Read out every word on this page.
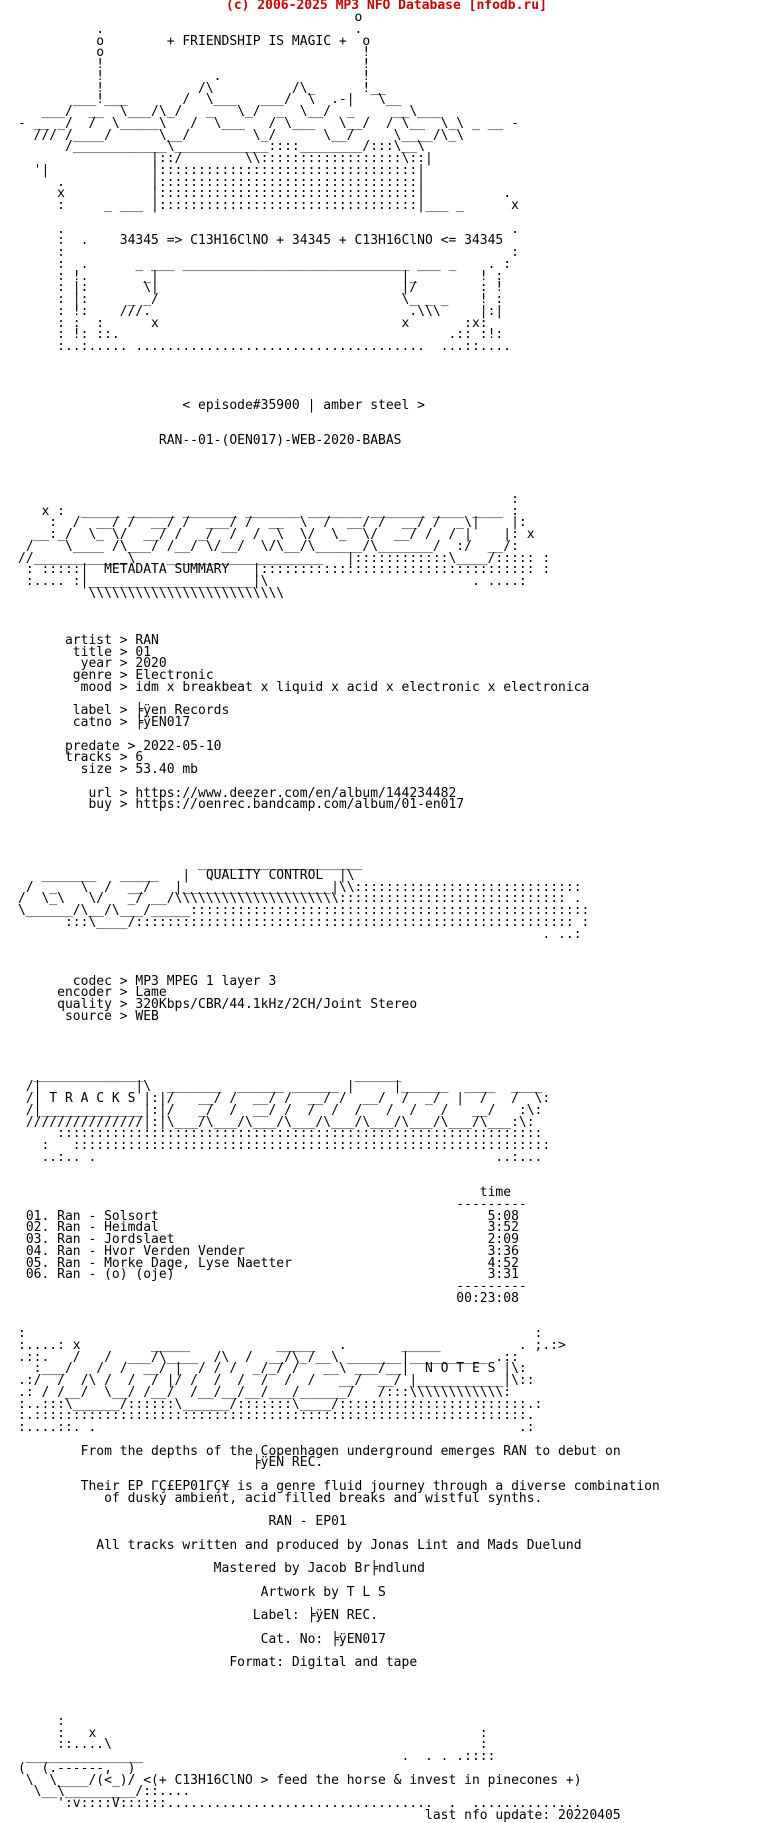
(c) 2006-2025 MP3 NFO Database [nfodb.ru]
o
.                                .
o        + FRIENDSHIP IS MAGIC +  o
o                                 !
!                                 !
!              .                  !
!            /\          /\_      !__
___!___       /  \___   ___/  \  .-|   \__
___/  __  \___/\_/   _   \_/  _  \__/  _     __\___
- __ _/  /  \_____\   /  \___   / \___   \__/  / \__  \_\ _ __ -
/// /____/      \__/        \_/      \__/     \____/\_\
/____________\____________::::________/:::\__\
|::/        \\::::::::::::::::::\::|
'|             |:::::::::::::::::::::::::::::::::|
.           |:::::::::::::::::::::::::::::::::|
x           |:::::::::::::::::::::::::::::::::|          .
:     _ ___ |:::::::::::::::::::::::::::::::::|___ _      x

.                                                         .
:  .    34345 => C13H16ClNO + 34345 + C13H16ClNO <= 34345
:                                                         :
:  .      _ ___ _____________________________ ___ _    . :
: !.       _|                               |_        ! :
: |:       \|                               |/        : !
: |:     _ _/                               \_ _ _    ! :
: !:    ///.                                 .\\\     |:|
: :  :      x                               x       :x:
: !: ::.                                          .:: :!:
:..:..... .....................................  ...::....
< episode#35900 | amber steel >
RAN--01-(OEN017)-WEB-2020-BABAS
:
x :  _____ ______ _______ _______ _______ _______ ____ ____ :
:  /  __/ /  __/ /  ___/ /  __  \  /  __/ /  __/ /  _\|    |:
__:_/  \_ \/  __/ /  _/  /  /  \  \/  \_  \/  __/ /  / |    |: x
/    \____ /\___/ /__/ \/__/  \/\__/\______/\_______/  :/  __/:
//____________\    ____________________   |::::::::::::\____/::::: :
: :::::|  METADATA SUMMARY   |::::::::::::::::::::::::::::::::::: :
:.... :|_____________________|\                          . ....:
\\\\\\\\\\\\\\\\\\\\\\\\\
artist > RAN
title > 01
year > 2020
genre > Electronic
mood > idm x breakbeat x liquid x acid x electronic x electronica
label > ╞ÿen Records
catno > ╞ÿEN017
predate > 2022-05-10
tracks > 6
size > 53.40 mb
url > https://www.deezer.com/en/album/144234482
buy > https://oenrec.bandcamp.com/album/01-en017
_____________________
_______   _____   |  QUALITY CONTROL  |\
/  _   \  /  __/   |___________________|\\:::::::::::::::::::::::::::::
/  \_\   \/   _/ __/\\\\\\\\\\\\\\\\\\\\\::::::::::::::::::::::::::::: .
\______/\__/\___/_____:::::::::::::::::::::::::::::::::::::::::::::::::::
:::\____/:::::::::::::::::::::::::::::::::::::::::::::::::::::::: :
. ..:
codec > MP3 MPEG 1 layer 3
encoder > Lame
quality > 320Kbps/CBR/44.1kHz/2CH/Joint Stereo
source > WEB
______________                           ______
/|            |\  _______  ______ ______ |     |______  ____  ____
/| T R A C K S |:|/   __/ /  __/ /  __/ /  __/  /  _/  |  /   /  \:
/|_____________|:|/   _/  /  __/ /  /  /  /   /  /   /   __/   :\:
///////////////|:|\___/\___/\___/\___/\___/\___/\___/\___/\___:\:
::::::::::::::::::::::::::::::::::::::::::::::::::::::::::::::
:   :::::::::::::::::::::::::::::::::::::::::::::::::::::::::::::
..:.. .                                                   ..:...
time
---------
01. Ran - Solsort                                          5:08
02. Ran - Heimdal                                          3:52
03. Ran - Jordslaet                                        2:09
04. Ran - Hvor Verden Vender                               3:36
05. Ran - Morke Dage, Lyse Naetter                         4:52
06. Ran - (o) (oje)                                        3:31
---------
00:23:08
:                                                                 :
:....: x         _____           _____   .       _____          . ;.:>
.::.   /   /  ___/\____  /\  /  __/\_/__\ _______|__________ .::
:___/   /  /  __/ |  / / /  _/_/ /   __\ ___/__|  N O T E S |\:
.:/  /  /\ /  /  / |/ /  /  /  /  /  /   __/  __/ |___________|\::
.: / /__/  \__/ /__/  /__/__/__/___/______/   /:::\\\\\\\\\\\\:
:..:::\______/::::::\______/:::::::\____/::::::::::::::::::::::::.:
:.:::::::::::::::::::::::::::::::::::::::::::::::::::::::::::::::.
:....::. .                                                      .:
From the depths of the Copenhagen underground emerges RAN to debut on
╞ÿEN REC.
Their EP ΓÇ£EP01ΓÇ¥ is a genre fluid journey through a diverse combination
of dusky ambient, acid filled breaks and wistful synths.
RAN - EP01
All tracks written and produced by Jonas Lint and Mads Duelund
Mastered by Jacob Br╞ndlund
Artwork by T L S
Label: ╞ÿEN REC.
Cat. No: ╞ÿEN017
Format: Digital and tape
:
:   x                                                 :
::....\                                               :
_______________                                 .  . . .::::
(  (.------,  )
\  \____/(<_)/ <(+ C13H16ClNO > feed the horse & invest in pinecones +)
\__\_________/::....
':v::::V::::::..................................  .  ..............
last nfo update: 20220405
